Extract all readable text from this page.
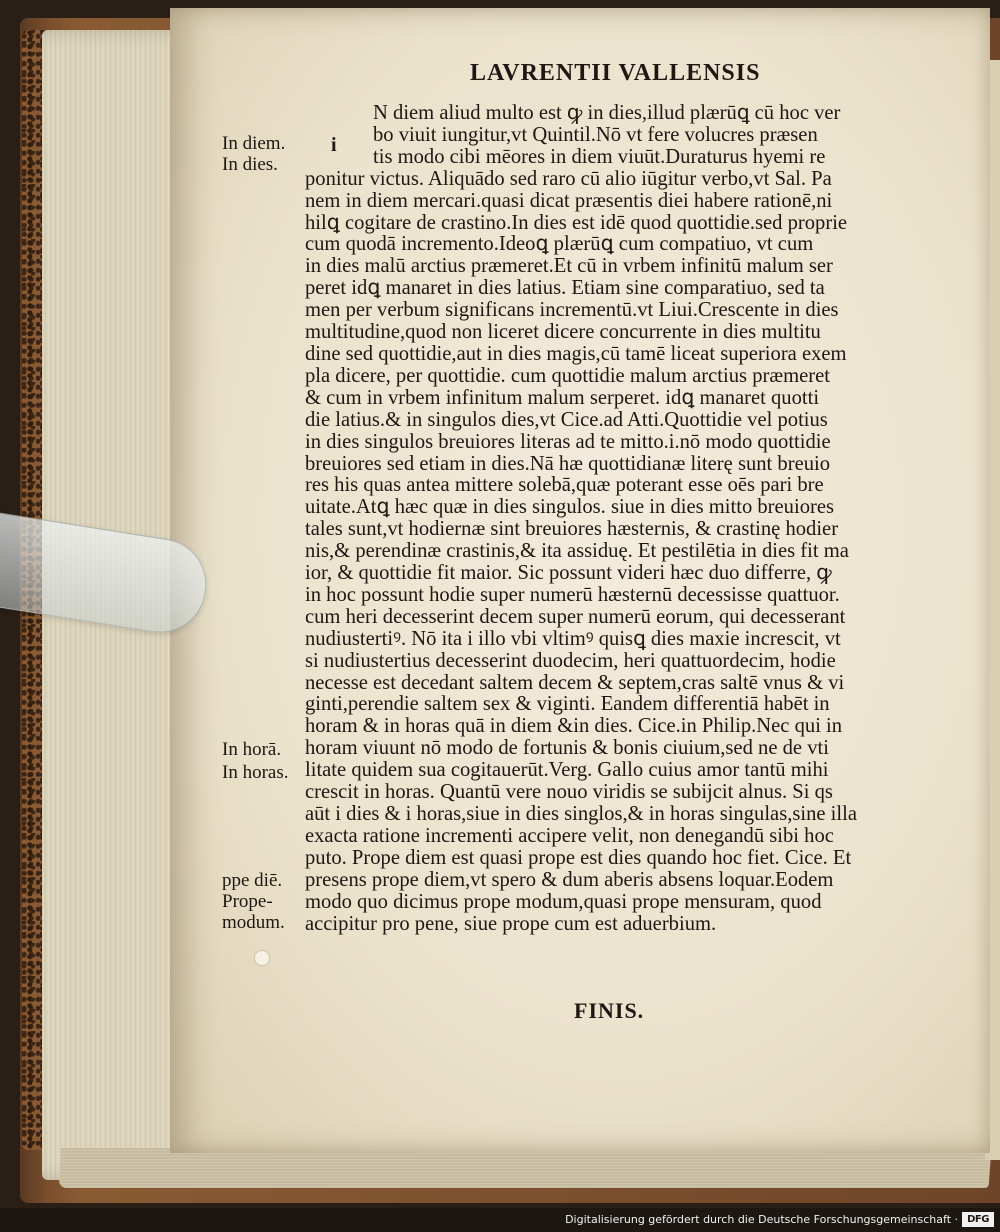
LAVRENTII VALLENSIS
i
In diem.
In dies.
In horā.
In horas.
ppe diē.
Prope-
modum.
N diem aliud multo est ꝙ in dies,illud plærūꝗ cū hoc ver
bo viuit iungitur,vt Quintil.Nō vt fere volucres præsen
tis modo cibi mēores in diem viuūt.Duraturus hyemi re
ponitur victus. Aliquādo sed raro cū alio iūgitur verbo,vt Sal. Pa
nem in diem mercari.quasi dicat præsentis diei habere rationē,ni
hilꝗ cogitare de crastino.In dies est idē quod quottidie.sed proprie
cum quodā incremento.Ideoꝗ plærūꝗ cum compatiuo, vt cum
in dies malū arctius præmeret.Et cū in vrbem infinitū malum ser
peret idꝗ manaret in dies latius. Etiam sine comparatiuo, sed ta
men per verbum significans incrementū.vt Liui.Crescente in dies
multitudine,quod non liceret dicere concurrente in dies multitu
dine sed quottidie,aut in dies magis,cū tamē liceat superiora exem
pla dicere, per quottidie. cum quottidie malum arctius præmeret
& cum in vrbem infinitum malum serperet. idꝗ manaret quotti
die latius.& in singulos dies,vt Cice.ad Atti.Quottidie vel potius
in dies singulos breuiores literas ad te mitto.i.nō modo quottidie
breuiores sed etiam in dies.Nā hæ quottidianæ literę sunt breuio
res his quas antea mittere solebā,quæ poterant esse oēs pari bre
uitate.Atꝗ hæc quæ in dies singulos. siue in dies mitto breuiores
tales sunt,vt hodiernæ sint breuiores hæsternis, & crastinę hodier
nis,& perendinæ crastinis,& ita assiduę. Et pestilētia in dies fit ma
ior, & quottidie fit maior. Sic possunt videri hæc duo differre, ꝙ
in hoc possunt hodie super numerū hæsternū decessisse quattuor.
cum heri decesserint decem super numerū eorum, qui decesserant
nudiustertiꝰ. Nō ita i illo vbi vltimꝰ quisꝗ dies maxie increscit, vt
si nudiustertius decesserint duodecim, heri quattuordecim, hodie
necesse est decedant saltem decem & septem,cras saltē vnus & vi
ginti,perendie saltem sex & viginti. Eandem differentiā habēt in
horam & in horas quā in diem &in dies. Cice.in Philip.Nec qui in
horam viuunt nō modo de fortunis & bonis ciuium,sed ne de vti
litate quidem sua cogitauerūt.Verg. Gallo cuius amor tantū mihi
crescit in horas. Quantū vere nouo viridis se subijcit alnus. Si qs
aūt i dies & i horas,siue in dies singlos,& in horas singulas,sine illa
exacta ratione incrementi accipere velit, non denegandū sibi hoc
puto. Prope diem est quasi prope est dies quando hoc fiet. Cice. Et
presens prope diem,vt spero & dum aberis absens loquar.Eodem
modo quo dicimus prope modum,quasi prope mensuram, quod
accipitur pro pene, siue prope cum est aduerbium.
FINIS.
Digitalisierung gefördert durch die Deutsche Forschungsgemeinschaft · DFG
